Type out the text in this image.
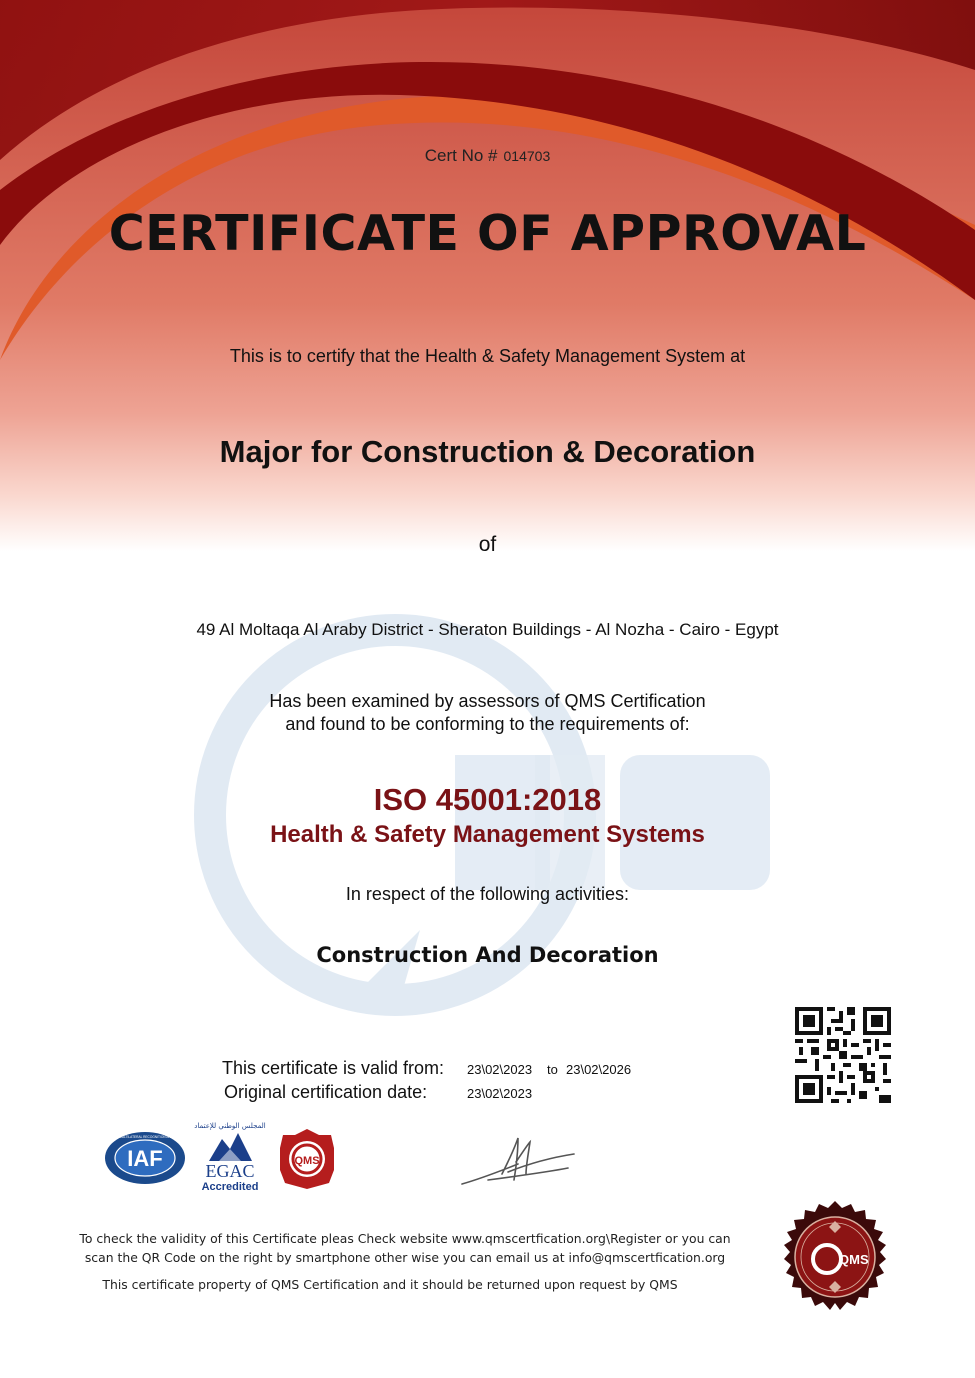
Cert No # 014703
CERTIFICATE OF APPROVAL
This is to certify that the Health & Safety Management System at
Major for Construction & Decoration
of
49 Al Moltaqa Al Araby District - Sheraton Buildings - Al Nozha - Cairo - Egypt
Has been examined by assessors of QMS Certification
and found to be conforming to the requirements of:
ISO 45001:2018
Health & Safety Management Systems
In respect of the following activities:
Construction And Decoration
This certificate is valid from: 23\02\2023 to 23\02\2026
Original certification date:	23\02\2023
IAF
MEMBER OF MULTILATERAL RECOGNITION ARRANGEMENT
المجلس الوطني للإعتماد
EGAC
Accredited
QMS
QMS
To check the validity of this Certificate pleas Check website www.qmscertfication.org\Register or you can
scan the QR Code on the right by smartphone other wise you can email us at info@qmscertfication.org
This certificate property of QMS Certification and it should be returned upon request by QMS
